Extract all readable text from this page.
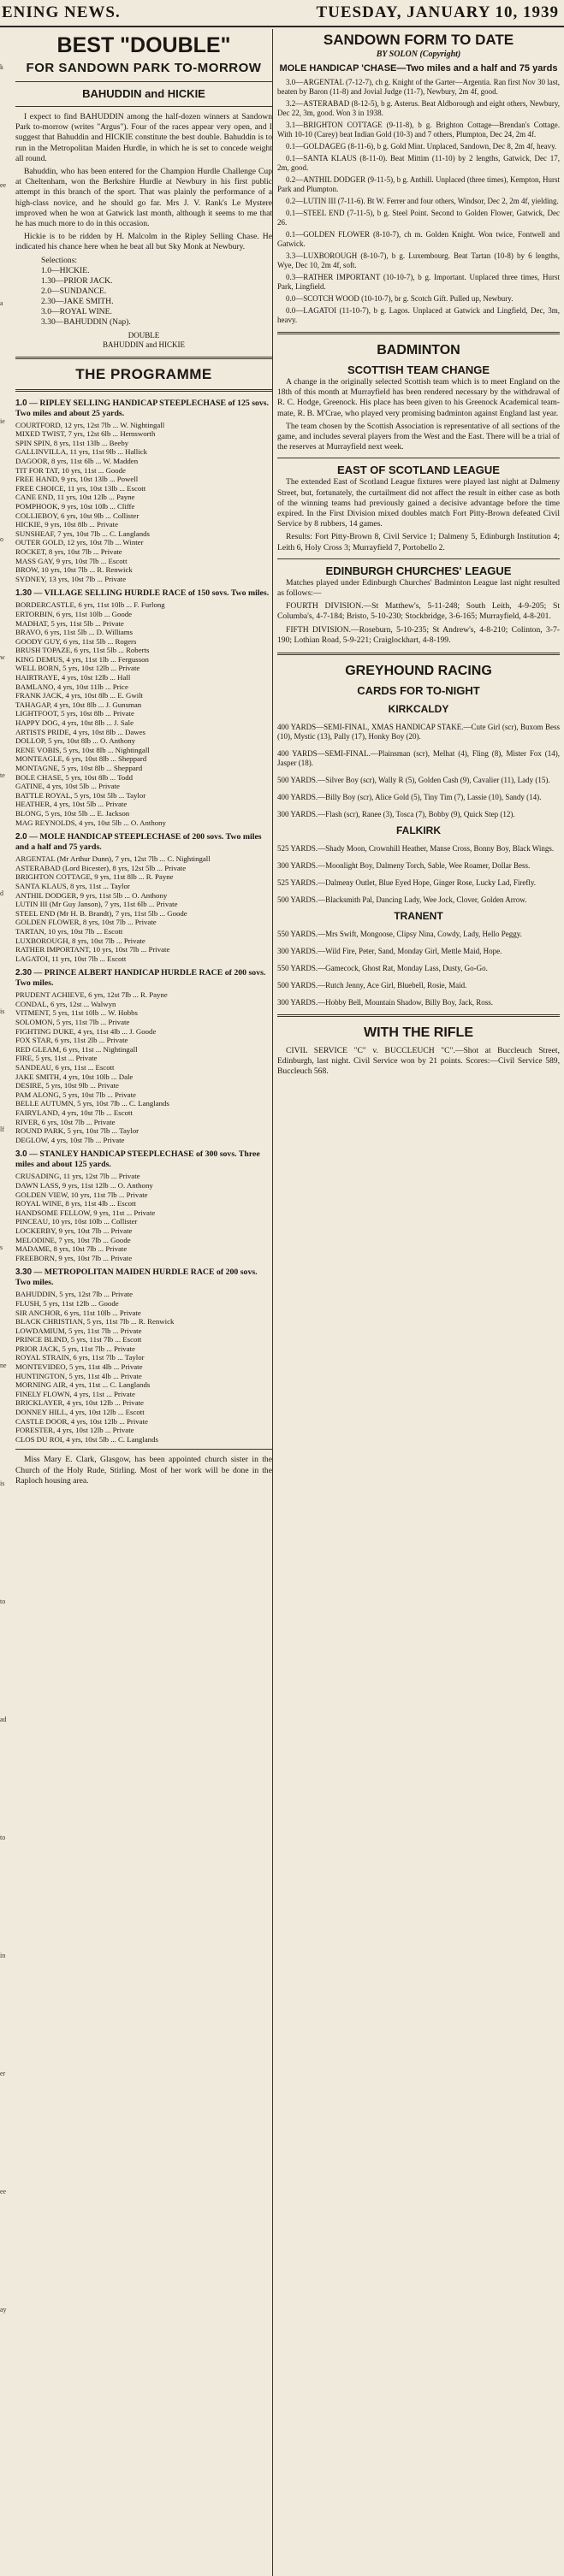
ENING NEWS.	TUESDAY, JANUARY 10, 1939
k
ee
a
ie
o
w
te
d
is
lf
s
ne
is
to
ad
to
in
er
ee
ay
BEST "DOUBLE"
FOR SANDOWN PARK TO-MORROW
BAHUDDIN and HICKIE

I expect to find BAHUDDIN among the half-dozen winners at Sandown Park to-morrow (writes "Argus"). Four of the races appear very open, and I suggest that Bahuddin and HICKIE constitute the best double. Bahuddin is to run in the Metropolitan Maiden Hurdle, in which he is set to concede weight all round.

Bahuddin, who has been entered for the Champion Hurdle Challenge Cup at Cheltenham, won the Berkshire Hurdle at Newbury in his first public attempt in this branch of the sport. That was plainly the performance of a high-class novice, and he should go far. Mrs J. V. Rank's Le Mystere improved when he won at Gatwick last month, although it seems to me that he has much more to do in this occasion.

Hickie is to be ridden by H. Malcolm in the Ripley Selling Chase. He indicated his chance here when he beat all but Sky Monk at Newbury.

Selections:
1.0—HICKIE.
1.30—PRIOR JACK.
2.0—SUNDANCE.
2.30—JAKE SMITH.
3.0—ROYAL WINE.
3.30—BAHUDDIN (Nap).
DOUBLE
BAHUDDIN and HICKIE
THE PROGRAMME
1.0 — RIPLEY SELLING HANDICAP STEEPLECHASE of 125 sovs. Two miles and about 25 yards.
COURTFORD, 12 yrs, 12st 7lb ... W. Nightingall
MIXED TWIST, 7 yrs, 12st 6lb ... Hemsworth
SPIN SPIN, 8 yrs, 11st 13lb ... Beeby
GALLINVILLA, 11 yrs, 11st 9lb ... Hallick
DAGOOR, 8 yrs, 11st 6lb ... W. Madden
TIT FOR TAT, 10 yrs, 11st ... Goode
FREE HAND, 9 yrs, 10st 13lb ... Powell
FREE CHOICE, 11 yrs, 10st 13lb ... Escott
CANE END, 11 yrs, 10st 12lb ... Payne
POMPHOOK, 9 yrs, 10st 10lb ... Cliffe
COLLIEBOY, 6 yrs, 10st 9lb ... Collister
HICKIE, 9 yrs, 10st 8lb ... Private
SUNSHEAF, 7 yrs, 10st 7lb ... C. Langlands
OUTER GOLD, 12 yrs, 10st 7lb ... Winter
ROCKET, 8 yrs, 10st 7lb ... Private
MASS GAY, 9 yrs, 10st 7lb ... Escott
BROW, 10 yrs, 10st 7lb ... R. Renwick
SYDNEY, 13 yrs, 10st 7lb ... Private
1.30 — VILLAGE SELLING HURDLE RACE of 150 sovs. Two miles.
BORDERCASTLE, 6 yrs, 11st 10lb ... F. Furlong
ERTORBIN, 6 yrs, 11st 10lb ... Goode
MADHAT, 5 yrs, 11st 5lb ... Private
BRAVO, 6 yrs, 11st 5lb ... D. Williams
GOODY GUY, 6 yrs, 11st 5lb ... Rogers
BRUSH TOPAZE, 6 yrs, 11st 5lb ... Roberts
KING DEMUS, 4 yrs, 11st 1lb ... Fergusson
WELL BORN, 5 yrs, 10st 12lb ... Private
HAIRTRAYE, 4 yrs, 10st 12lb ... Hall
BAMLANO, 4 yrs, 10st 11lb ... Price
FRANK JACK, 4 yrs, 10st 8lb ... E. Gwilt
TAHAGAP, 4 yrs, 10st 8lb ... J. Gunsman
LIGHTFOOT, 5 yrs, 10st 8lb ... Private
HAPPY DOG, 4 yrs, 10st 8lb ... J. Sale
ARTISTS PRIDE, 4 yrs, 10st 8lb ... Dawes
DOLLOP, 5 yrs, 10st 8lb ... O. Anthony
RENE VOBIS, 5 yrs, 10st 8lb ... Nightingall
MONTEAGLE, 6 yrs, 10st 8lb ... Sheppard
MONTAGNE, 5 yrs, 10st 8lb ... Sheppard
BOLE CHASE, 5 yrs, 10st 8lb ... Todd
GATINE, 4 yrs, 10st 5lb ... Private
BATTLE ROYAL, 5 yrs, 10st 5lb ... Taylor
HEATHER, 4 yrs, 10st 5lb ... Private
BLONG, 5 yrs, 10st 5lb ... E. Jackson
MAG REYNOLDS, 4 yrs, 10st 5lb ... O. Anthony
2.0 — MOLE HANDICAP STEEPLECHASE of 200 sovs. Two miles and a half and 75 yards.
ARGENTAL (Mr Arthur Dunn), 7 yrs, 12st 7lb ... C. Nightingall
ASTERABAD (Lord Bicester), 8 yrs, 12st 5lb ... Private
BRIGHTON COTTAGE, 9 yrs, 11st 8lb ... R. Payne
SANTA KLAUS, 8 yrs, 11st ... Taylor
ANTHIL DODGER, 9 yrs, 11st 5lb ... O. Anthony
LUTIN III (Mr Guy Janson), 7 yrs, 11st 6lb ... Private
STEEL END (Mr H. B. Brandt), 7 yrs, 11st 5lb ... Goode
GOLDEN FLOWER, 8 yrs, 10st 7lb ... Private
TARTAN, 10 yrs, 10st 7lb ... Escott
LUXBOROUGH, 8 yrs, 10st 7lb ... Private
RATHER IMPORTANT, 10 yrs, 10st 7lb ... Private
LAGATOI, 11 yrs, 10st 7lb ... Escott
2.30 — PRINCE ALBERT HANDICAP HURDLE RACE of 200 sovs. Two miles.
PRUDENT ACHIEVE, 6 yrs, 12st 7lb ... R. Payne
CONDAL, 6 yrs, 12st ... Walwyn
VITMENT, 5 yrs, 11st 10lb ... W. Hobbs
SOLOMON, 5 yrs, 11st 7lb ... Private
FIGHTING DUKE, 4 yrs, 11st 4lb ... J. Goode
FOX STAR, 6 yrs, 11st 2lb ... Private
RED GLEAM, 6 yrs, 11st ... Nightingall
FIRE, 5 yrs, 11st ... Private
SANDEAU, 6 yrs, 11st ... Escott
JAKE SMITH, 4 yrs, 10st 10lb ... Dale
DESIRE, 5 yrs, 10st 9lb ... Private
PAM ALONG, 5 yrs, 10st 7lb ... Private
BELLE AUTUMN, 5 yrs, 10st 7lb ... C. Langlands
FAIRYLAND, 4 yrs, 10st 7lb ... Escott
RIVER, 6 yrs, 10st 7lb ... Private
ROUND PARK, 5 yrs, 10st 7lb ... Taylor
DEGLOW, 4 yrs, 10st 7lb ... Private
3.0 — STANLEY HANDICAP STEEPLECHASE of 300 sovs. Three miles and about 125 yards.
CRUSADING, 11 yrs, 12st 7lb ... Private
DAWN LASS, 9 yrs, 11st 12lb ... O. Anthony
GOLDEN VIEW, 10 yrs, 11st 7lb ... Private
ROYAL WINE, 8 yrs, 11st 4lb ... Escott
HANDSOME FELLOW, 9 yrs, 11st ... Private
PINCEAU, 10 yrs, 10st 10lb ... Collister
LOCKERBY, 9 yrs, 10st 7lb ... Private
MELODINE, 7 yrs, 10st 7lb ... Goode
MADAME, 8 yrs, 10st 7lb ... Private
FREEBORN, 9 yrs, 10st 7lb ... Private
3.30 — METROPOLITAN MAIDEN HURDLE RACE of 200 sovs. Two miles.
BAHUDDIN, 5 yrs, 12st 7lb ... Private
FLUSH, 5 yrs, 11st 12lb ... Goode
SIR ANCHOR, 6 yrs, 11st 10lb ... Private
BLACK CHRISTIAN, 5 yrs, 11st 7lb ... R. Renwick
LOWDAMIUM, 5 yrs, 11st 7lb ... Private
PRINCE BLIND, 5 yrs, 11st 7lb ... Escott
PRIOR JACK, 5 yrs, 11st 7lb ... Private
ROYAL STRAIN, 6 yrs, 11st 7lb ... Taylor
MONTEVIDEO, 5 yrs, 11st 4lb ... Private
HUNTINGTON, 5 yrs, 11st 4lb ... Private
MORNING AIR, 4 yrs, 11st ... C. Langlands
FINELY FLOWN, 4 yrs, 11st ... Private
BRICKLAYER, 4 yrs, 10st 12lb ... Private
DONNEY HILL, 4 yrs, 10st 12lb ... Escott
CASTLE DOOR, 4 yrs, 10st 12lb ... Private
FORESTER, 4 yrs, 10st 12lb ... Private
CLOS DU ROI, 4 yrs, 10st 5lb ... C. Langlands

Miss Mary E. Clark, Glasgow, has been appointed church sister in the Church of the Holy Rude, Stirling. Most of her work will be done in the Raploch housing area.

SANDOWN FORM TO DATE
BY SOLON (Copyright)
MOLE HANDICAP 'CHASE—Two miles and a half and 75 yards

3.0—ARGENTAL (7-12-7), ch g. Knight of the Garter—Argentia. Ran first Nov 30 last, beaten by Baron (11-8) and Jovial Judge (11-7), Newbury, 2m 4f, good.

3.2—ASTERABAD (8-12-5), b g. Asterus. Beat Aldborough and eight others, Newbury, Dec 22, 3m, good. Won 3 in 1938.

3.1—BRIGHTON COTTAGE (9-11-8), b g. Brighton Cottage—Brendan's Cottage. With 10-10 (Carey) beat Indian Gold (10-3) and 7 others, Plumpton, Dec 24, 2m 4f.

0.1—GOLDAGEG (8-11-6), b g. Gold Mint. Unplaced, Sandown, Dec 8, 2m 4f, heavy.

0.1—SANTA KLAUS (8-11-0). Beat Mittim (11-10) by 2 lengths, Gatwick, Dec 17, 2m, good.

0.2—ANTHIL DODGER (9-11-5), b g. Anthill. Unplaced (three times), Kempton, Hurst Park and Plumpton.

0.2—LUTIN III (7-11-6). Bt W. Ferrer and four others, Windsor, Dec 2, 2m 4f, yielding.

0.1—STEEL END (7-11-5), b g. Steel Point. Second to Golden Flower, Gatwick, Dec 26.

0.1—GOLDEN FLOWER (8-10-7), ch m. Golden Knight. Won twice, Fontwell and Gatwick.

3.3—LUXBOROUGH (8-10-7), b g. Luxembourg. Beat Tartan (10-8) by 6 lengths, Wye, Dec 10, 2m 4f, soft.

0.3—RATHER IMPORTANT (10-10-7), b g. Important. Unplaced three times, Hurst Park, Lingfield.

0.0—SCOTCH WOOD (10-10-7), br g. Scotch Gift. Pulled up, Newbury.

0.0—LAGATOI (11-10-7), b g. Lagos. Unplaced at Gatwick and Lingfield, Dec, 3m, heavy.

BADMINTON
SCOTTISH TEAM CHANGE

A change in the originally selected Scottish team which is to meet England on the 18th of this month at Murrayfield has been rendered necessary by the withdrawal of R. C. Hodge, Greenock. His place has been given to his Greenock Academical team-mate, R. B. M'Crae, who played very promising badminton against England last year.

The team chosen by the Scottish Association is representative of all sections of the game, and includes several players from the West and the East. There will be a trial of the reserves at Murrayfield next week.

EAST OF SCOTLAND LEAGUE

The extended East of Scotland League fixtures were played last night at Dalmeny Street, but, fortunately, the curtailment did not affect the result in either case as both of the winning teams had previously gained a decisive advantage before the time expired. In the First Division mixed doubles match Fort Pitty-Brown defeated Civil Service by 8 rubbers, 14 games.

Results: Fort Pitty-Brown 8, Civil Service 1; Dalmeny 5, Edinburgh Institution 4; Leith 6, Holy Cross 3; Murrayfield 7, Portobello 2.

EDINBURGH CHURCHES' LEAGUE

Matches played under Edinburgh Churches' Badminton League last night resulted as follows:—

FOURTH DIVISION.—St Matthew's, 5-11-248; South Leith, 4-9-205; St Columba's, 4-7-184; Bristo, 5-10-230; Stockbridge, 3-6-165; Murrayfield, 4-8-201.

FIFTH DIVISION.—Roseburn, 5-10-235; St Andrew's, 4-8-210; Colinton, 3-7-190; Lothian Road, 5-9-221; Craiglockhart, 4-8-199.

GREYHOUND RACING
CARDS FOR TO-NIGHT
KIRKCALDY

400 YARDS—SEMI-FINAL, XMAS HANDICAP STAKE.—Cute Girl (scr), Buxom Bess (10), Mystic (13), Pally (17), Honky Boy (20).

400 YARDS—SEMI-FINAL.—Plainsman (scr), Melhat (4), Fling (8), Mister Fox (14), Jasper (18).

500 YARDS.—Silver Boy (scr), Wally R (5), Golden Cash (9), Cavalier (11), Lady (15).

400 YARDS.—Billy Boy (scr), Alice Gold (5), Tiny Tim (7), Lassie (10), Sandy (14).

300 YARDS.—Flash (scr), Ranee (3), Tosca (7), Bobby (9), Quick Step (12).

FALKIRK

525 YARDS.—Shady Moon, Crownhill Heather, Manse Cross, Bonny Boy, Black Wings.

300 YARDS.—Moonlight Boy, Dalmeny Torch, Sable, Wee Roamer, Dollar Bess.

525 YARDS.—Dalmeny Outlet, Blue Eyed Hope, Ginger Rose, Lucky Lad, Firefly.

500 YARDS.—Blacksmith Pal, Dancing Lady, Wee Jock, Clover, Golden Arrow.

TRANENT

550 YARDS.—Mrs Swift, Mongoose, Clipsy Nina, Cowdy, Lady, Hello Peggy.

300 YARDS.—Wild Fire, Peter, Sand, Monday Girl, Mettle Maid, Hope.

550 YARDS.—Gamecock, Ghost Rat, Monday Lass, Dusty, Go-Go.

500 YARDS.—Rutch Jenny, Ace Girl, Bluebell, Rosie, Maid.

300 YARDS.—Hobby Bell, Mountain Shadow, Billy Boy, Jack, Ross.

WITH THE RIFLE

CIVIL SERVICE "C" v. BUCCLEUCH "C".—Shot at Buccleuch Street, Edinburgh, last night. Civil Service won by 21 points. Scores:—Civil Service 589, Buccleuch 568.
